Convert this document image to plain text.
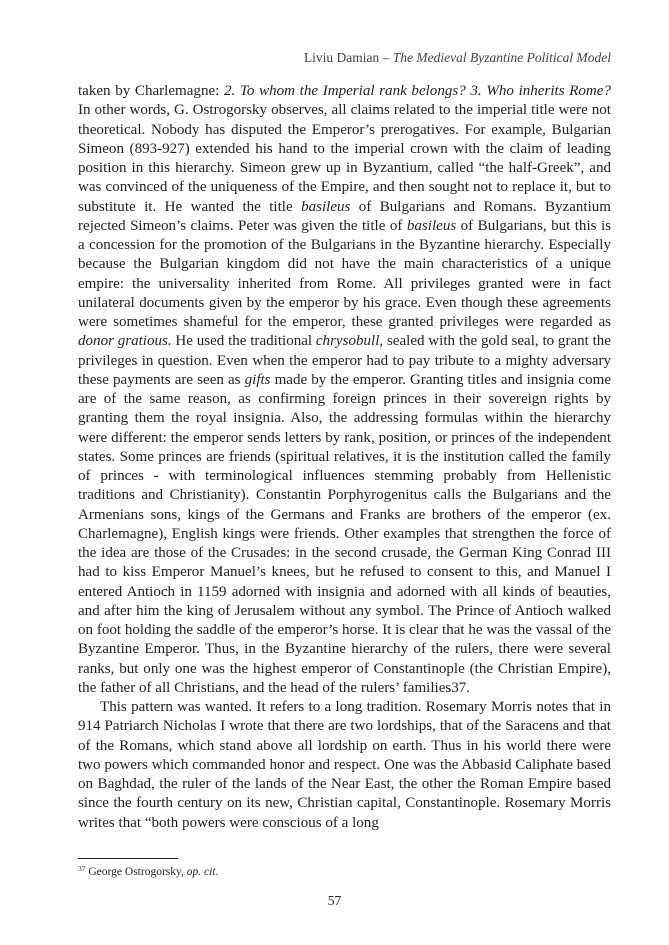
Liviu Damian – The Medieval Byzantine Political Model

taken by Charlemagne: 2. To whom the Imperial rank belongs? 3. Who inherits Rome? In other words, G. Ostrogorsky observes, all claims related to the imperial title were not theoretical. Nobody has disputed the Emperor’s prerogatives. For example, Bulgarian Simeon (893-927) extended his hand to the imperial crown with the claim of leading position in this hierarchy. Simeon grew up in Byzantium, called “the half-Greek”, and was convinced of the uniqueness of the Empire, and then sought not to replace it, but to substitute it. He wanted the title basileus of Bulgarians and Romans. Byzantium rejected Simeon’s claims. Peter was given the title of basileus of Bulgarians, but this is a concession for the promotion of the Bulgarians in the Byzantine hierarchy. Especially because the Bulgarian kingdom did not have the main characteristics of a unique empire: the universality inherited from Rome. All privileges granted were in fact unilateral documents given by the emperor by his grace. Even though these agreements were sometimes shameful for the emperor, these granted privileges were regarded as donor gratious. He used the traditional chrysobull, sealed with the gold seal, to grant the privileges in question. Even when the emperor had to pay tribute to a mighty adversary these payments are seen as gifts made by the emperor. Granting titles and insignia come are of the same reason, as confirming foreign princes in their sovereign rights by granting them the royal insignia. Also, the addressing formulas within the hierarchy were different: the emperor sends letters by rank, position, or princes of the independent states. Some princes are friends (spiritual relatives, it is the institution called the family of princes - with terminological influences stemming probably from Hellenistic traditions and Christianity). Constantin Porphyrogenitus calls the Bulgarians and the Armenians sons, kings of the Germans and Franks are brothers of the emperor (ex. Charlemagne), English kings were friends. Other examples that strengthen the force of the idea are those of the Crusades: in the second crusade, the German King Conrad III had to kiss Emperor Manuel’s knees, but he refused to consent to this, and Manuel I entered Antioch in 1159 adorned with insignia and adorned with all kinds of beauties, and after him the king of Jerusalem without any symbol. The Prince of Antioch walked on foot holding the saddle of the emperor’s horse. It is clear that he was the vassal of the Byzantine Emperor. Thus, in the Byzantine hierarchy of the rulers, there were several ranks, but only one was the highest emperor of Constantinople (the Christian Empire), the father of all Christians, and the head of the rulers’ families37.

This pattern was wanted. It refers to a long tradition. Rosemary Morris notes that in 914 Patriarch Nicholas I wrote that there are two lordships, that of the Saracens and that of the Romans, which stand above all lordship on earth. Thus in his world there were two powers which commanded honor and respect. One was the Abbasid Caliphate based on Baghdad, the ruler of the lands of the Near East, the other the Roman Empire based since the fourth century on its new, Christian capital, Constantinople. Rosemary Morris writes that “both powers were conscious of a long

$^{37}$ George Ostrogorsky, op. cit.
57
